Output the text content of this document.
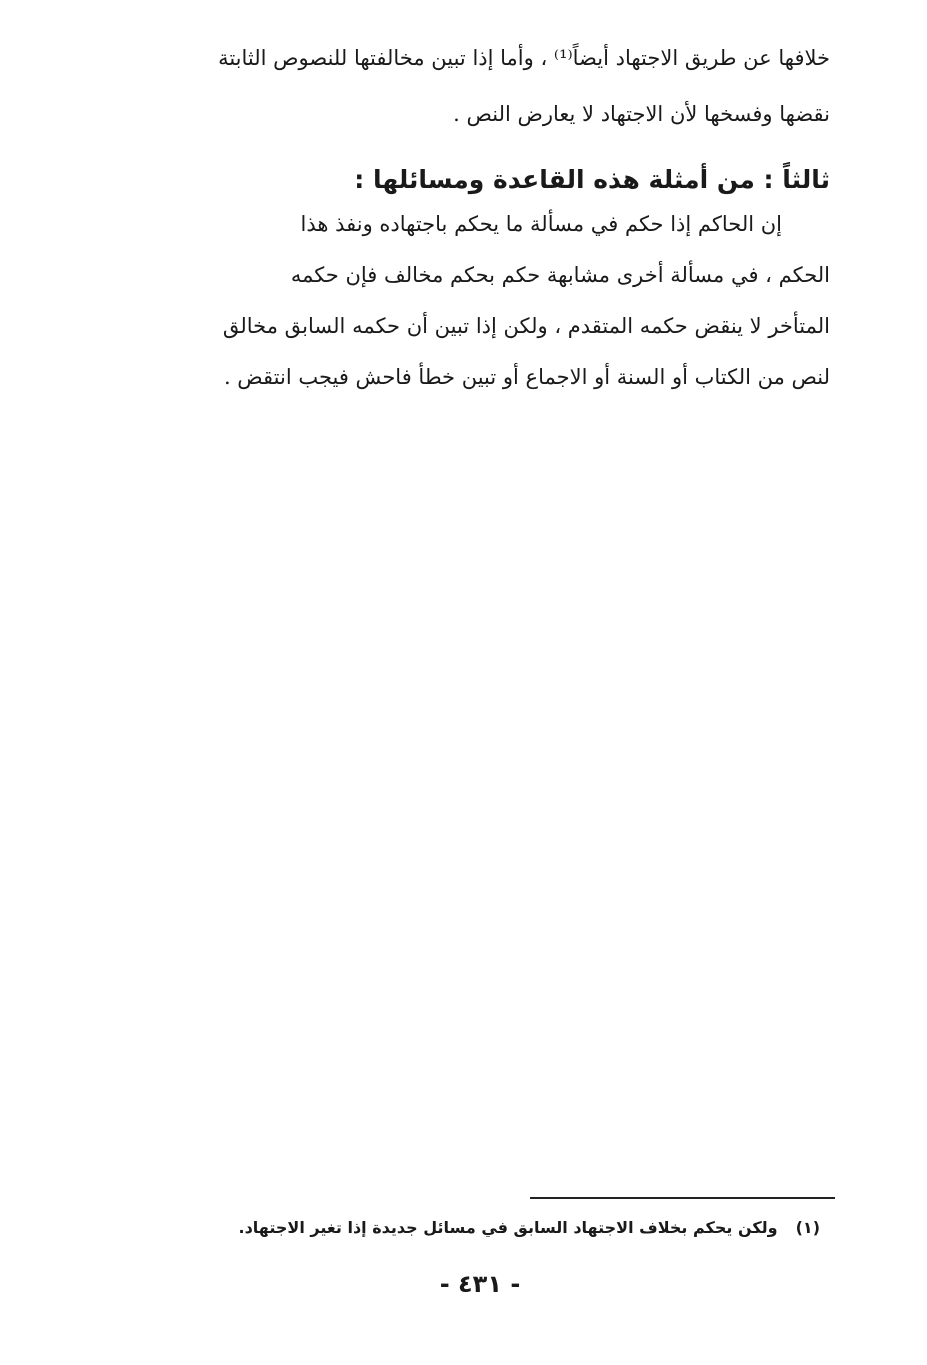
خلافها عن طريق الاجتهاد أيضاً⁽¹⁾ ، وأما إذا تبين مخالفتها للنصوص الثابتة
نقضها وفسخها لأن الاجتهاد لا يعارض النص .
ثالثاً : من أمثلة هذه القاعدة ومسائلها :
إن الحاكم إذا حكم في مسألة ما يحكم باجتهاده ونفذ هذا
الحكم ، في مسألة أخرى مشابهة حكم بحكم مخالف فإن حكمه
المتأخر لا ينقض حكمه المتقدم ، ولكن إذا تبين أن حكمه السابق مخالق
لنص من الكتاب أو السنة أو الاجماع أو تبين خطأ فاحش فيجب انتقض .
(١)ولكن يحكم بخلاف الاجتهاد السابق في مسائل جديدة إذا تغير الاجتهاد.
- ٤٣١ -
